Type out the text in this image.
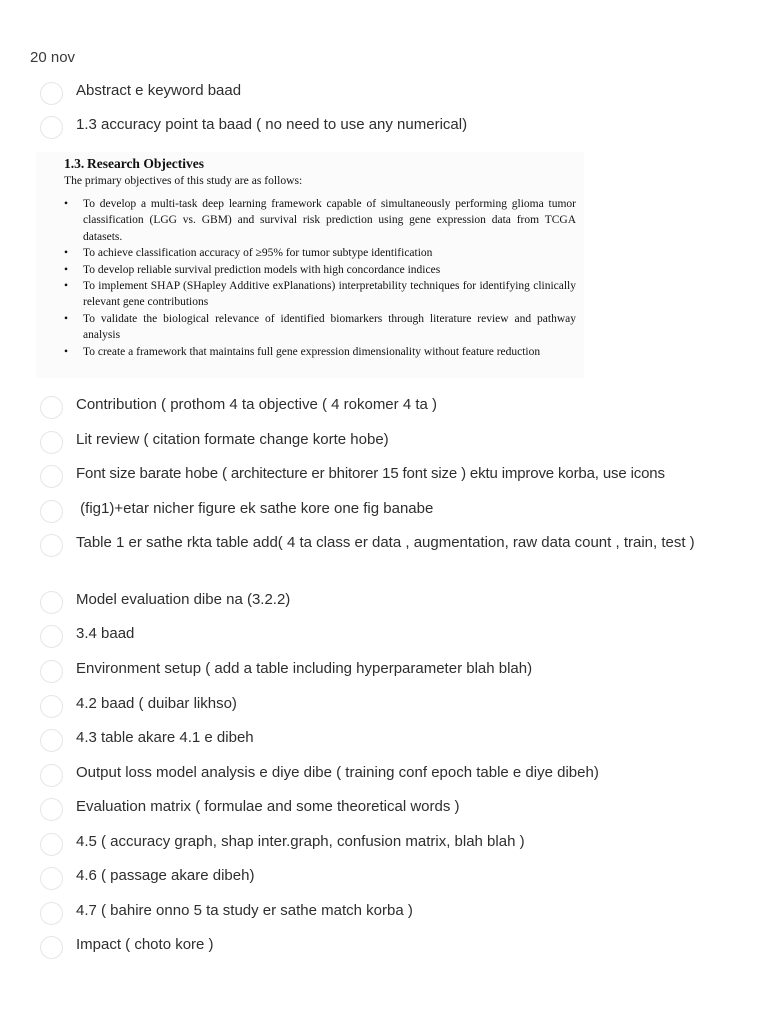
20 nov
Abstract e keyword baad
1.3 accuracy point ta baad ( no need to use any numerical)
1.3. Research Objectives
The primary objectives of this study are as follows:
• To develop a multi-task deep learning framework capable of simultaneously performing glioma tumor classification (LGG vs. GBM) and survival risk prediction using gene expression data from TCGA datasets.
• To achieve classification accuracy of ≥95% for tumor subtype identification
• To develop reliable survival prediction models with high concordance indices
• To implement SHAP (SHapley Additive exPlanations) interpretability techniques for identifying clinically relevant gene contributions
• To validate the biological relevance of identified biomarkers through literature review and pathway analysis
• To create a framework that maintains full gene expression dimensionality without feature reduction
Contribution ( prothom 4 ta objective ( 4 rokomer 4 ta )
Lit review ( citation formate change korte hobe)
Font size barate hobe ( architecture er bhitorer 15 font size ) ektu improve korba, use icons
(fig1)+etar nicher figure ek sathe kore one fig banabe
Table 1 er sathe rkta table add( 4 ta class er data , augmentation, raw data count , train, test )
Model evaluation dibe na (3.2.2)
3.4 baad
Environment setup ( add a table including hyperparameter blah blah)
4.2 baad ( duibar likhso)
4.3 table akare 4.1 e dibeh
Output loss model analysis e diye dibe ( training conf epoch table e diye dibeh)
Evaluation matrix ( formulae and some theoretical words )
4.5 ( accuracy graph, shap inter.graph, confusion matrix, blah blah )
4.6 ( passage akare dibeh)
4.7 ( bahire onno 5 ta study er sathe match korba )
Impact ( choto kore )
